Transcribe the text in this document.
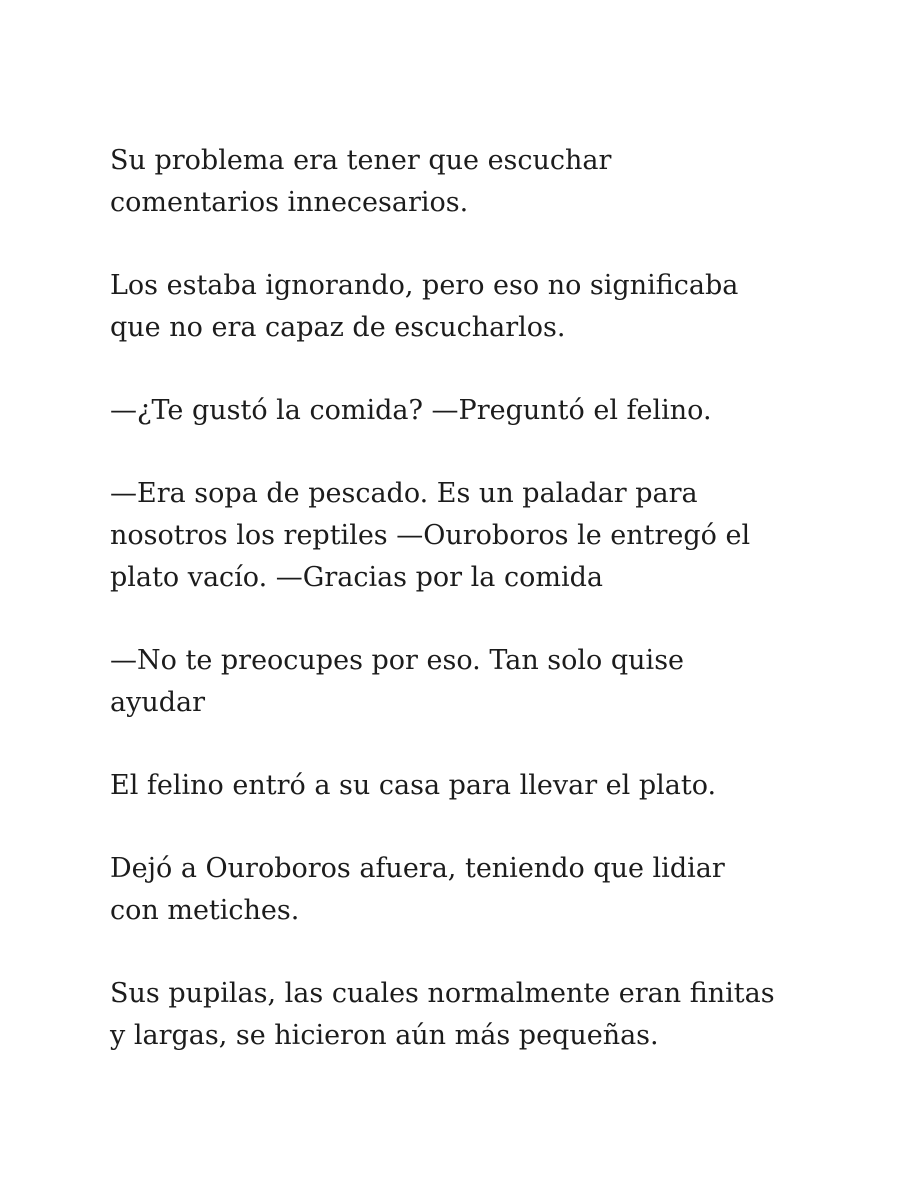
Su problema era tener que escuchar
comentarios innecesarios.

Los estaba ignorando, pero eso no significaba
que no era capaz de escucharlos.

—¿Te gustó la comida? —Preguntó el felino.

—Era sopa de pescado. Es un paladar para
nosotros los reptiles —Ouroboros le entregó el
plato vacío. —Gracias por la comida

—No te preocupes por eso. Tan solo quise
ayudar

El felino entró a su casa para llevar el plato.

Dejó a Ouroboros afuera, teniendo que lidiar
con metiches.

Sus pupilas, las cuales normalmente eran finitas
y largas, se hicieron aún más pequeñas.
